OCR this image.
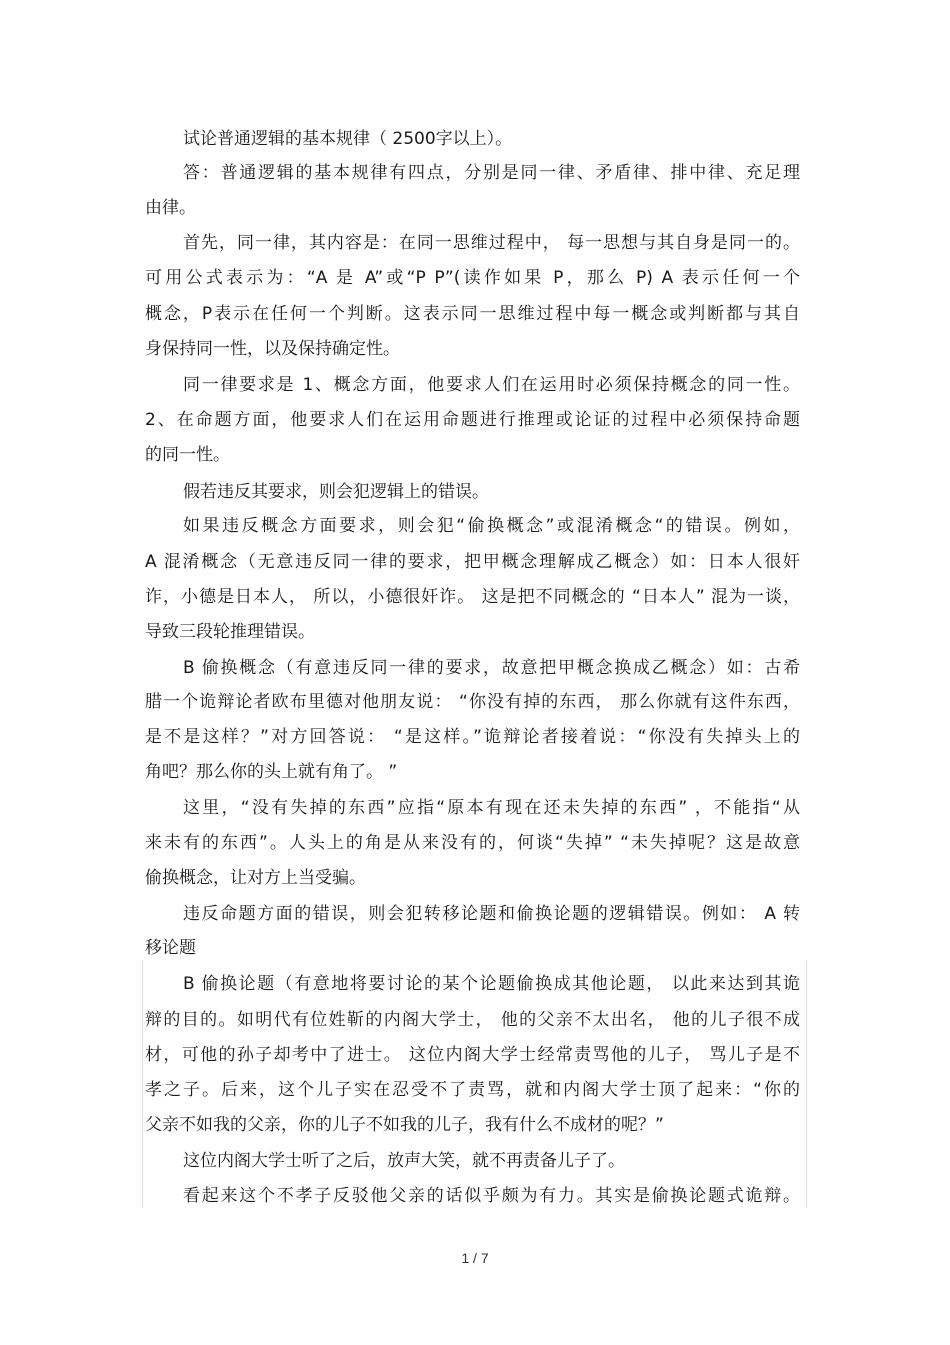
试论普通逻辑的基本规律（ 2500字以上）。

答：普通逻辑的基本规律有四点，分别是同一律、矛盾律、排中律、充足理

由律。

首先，同一律，其内容是：在同一思维过程中， 每一思想与其自身是同一的。

可用公式表示为：“A 是 A”或“P P”(读作如果 P，那么 P) A 表示任何一个

概念，P表示在任何一个判断。这表示同一思维过程中每一概念或判断都与其自

身保持同一性，以及保持确定性。

同一律要求是 1、概念方面，他要求人们在运用时必须保持概念的同一性。

2、在命题方面，他要求人们在运用命题进行推理或论证的过程中必须保持命题

的同一性。

假若违反其要求，则会犯逻辑上的错误。

如果违反概念方面要求，则会犯“偷换概念”或混淆概念“的错误。例如，

A 混淆概念（无意违反同一律的要求，把甲概念理解成乙概念）如：日本人很奸

诈，小德是日本人， 所以，小德很奸诈。 这是把不同概念的 “日本人” 混为一谈，

导致三段轮推理错误。

B 偷换概念（有意违反同一律的要求，故意把甲概念换成乙概念）如：古希

腊一个诡辩论者欧布里德对他朋友说： “你没有掉的东西， 那么你就有这件东西，

是不是这样？”对方回答说： “是这样。”诡辩论者接着说：“你没有失掉头上的

角吧？那么你的头上就有角了。 ”

这里，“没有失掉的东西”应指“原本有现在还未失掉的东西” ，不能指“从

来未有的东西”。人头上的角是从来没有的，何谈“失掉” “未失掉呢？这是故意

偷换概念，让对方上当受骗。

违反命题方面的错误，则会犯转移论题和偷换论题的逻辑错误。例如： A 转

移论题

B 偷换论题（有意地将要讨论的某个论题偷换成其他论题， 以此来达到其诡

辩的目的。如明代有位姓靳的内阁大学士， 他的父亲不太出名， 他的儿子很不成

材，可他的孙子却考中了进士。 这位内阁大学士经常责骂他的儿子， 骂儿子是不

孝之子。后来，这个儿子实在忍受不了责骂，就和内阁大学士顶了起来：“你的

父亲不如我的父亲，你的儿子不如我的儿子，我有什么不成材的呢？”

这位内阁大学士听了之后，放声大笑，就不再责备儿子了。

看起来这个不孝子反驳他父亲的话似乎颇为有力。其实是偷换论题式诡辩。

1 / 7
